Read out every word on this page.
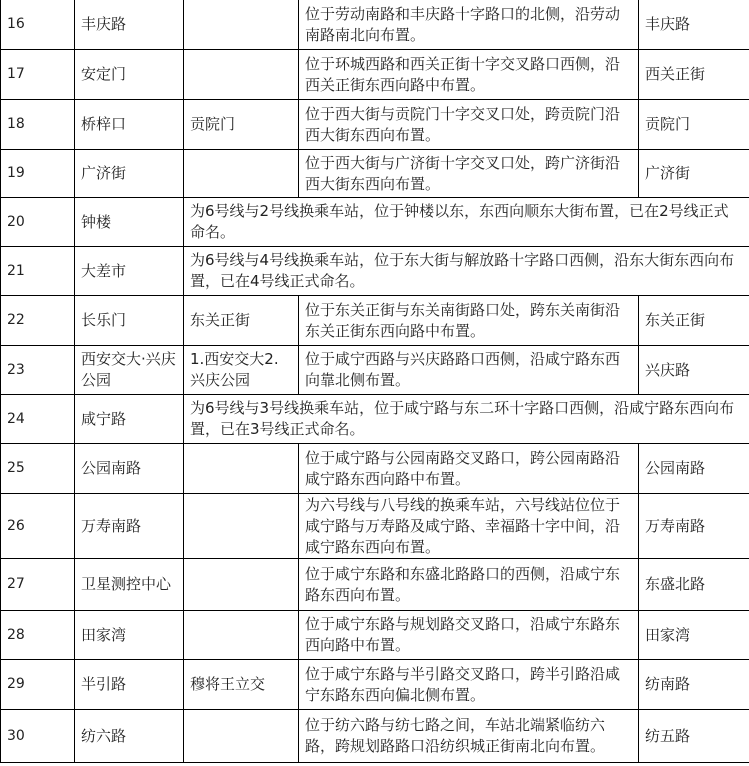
16	丰庆路		位于劳动南路和丰庆路十字路口的北侧，沿劳动南路南北向布置。	丰庆路
17	安定门		位于环城西路和西关正街十字交叉路口西侧，沿西关正街东西向路中布置。	西关正街
18	桥梓口	贡院门	位于西大街与贡院门十字交叉口处，跨贡院门沿西大街东西向布置。	贡院门
19	广济街		位于西大街与广济街十字交叉口处，跨广济街沿西大街东西向布置。	广济街
20	钟楼	为6号线与2号线换乘车站，位于钟楼以东，东西向顺东大街布置，已在2号线正式命名。		
21	大差市	为6号线与4号线换乘车站，位于东大街与解放路十字路口西侧，沿东大街东西向布置，已在4号线正式命名。		
22	长乐门	东关正街	位于东关正街与东关南街路口处，跨东关南街沿东关正街东西向路中布置。	东关正街
23	西安交大·兴庆公园	1.西安交大2.兴庆公园	位于咸宁西路与兴庆路路口西侧，沿咸宁路东西向靠北侧布置。	兴庆路
24	咸宁路	为6号线与3号线换乘车站，位于咸宁路与东二环十字路口西侧，沿咸宁路东西向布置，已在3号线正式命名。		
25	公园南路		位于咸宁路与公园南路交叉路口，跨公园南路沿咸宁路东西向路中布置。	公园南路
26	万寿南路		为六号线与八号线的换乘车站，六号线站位位于咸宁路与万寿路及咸宁路、幸福路十字中间，沿咸宁路东西向布置。	万寿南路
27	卫星测控中心		位于咸宁东路和东盛北路路口的西侧，沿咸宁东路东西向布置。	东盛北路
28	田家湾		位于咸宁东路与规划路交叉路口，沿咸宁东路东西向路中布置。	田家湾
29	半引路	穆将王立交	位于咸宁东路与半引路交叉路口，跨半引路沿咸宁东路东西向偏北侧布置。	纺南路
30	纺六路		位于纺六路与纺七路之间，车站北端紧临纺六路，跨规划路路口沿纺织城正街南北向布置。	纺五路
